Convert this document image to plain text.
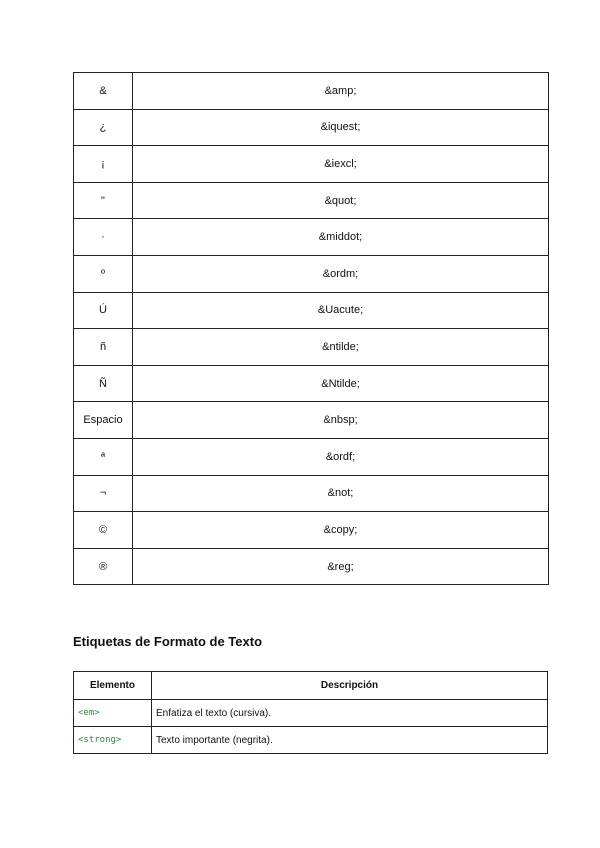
&	&amp;
¿	&iquest;
¡	&iexcl;
"	&quot;
·	&middot;
º	&ordm;
Ú	&Uacute;
ñ	&ntilde;
Ñ	&Ntilde;
Espacio	&nbsp;
ª	&ordf;
¬	&not;
©	&copy;
®	&reg;
Etiquetas de Formato de Texto
Elemento	Descripción
<em>	Enfatiza el texto (cursiva).
<strong>	Texto importante (negrita).
